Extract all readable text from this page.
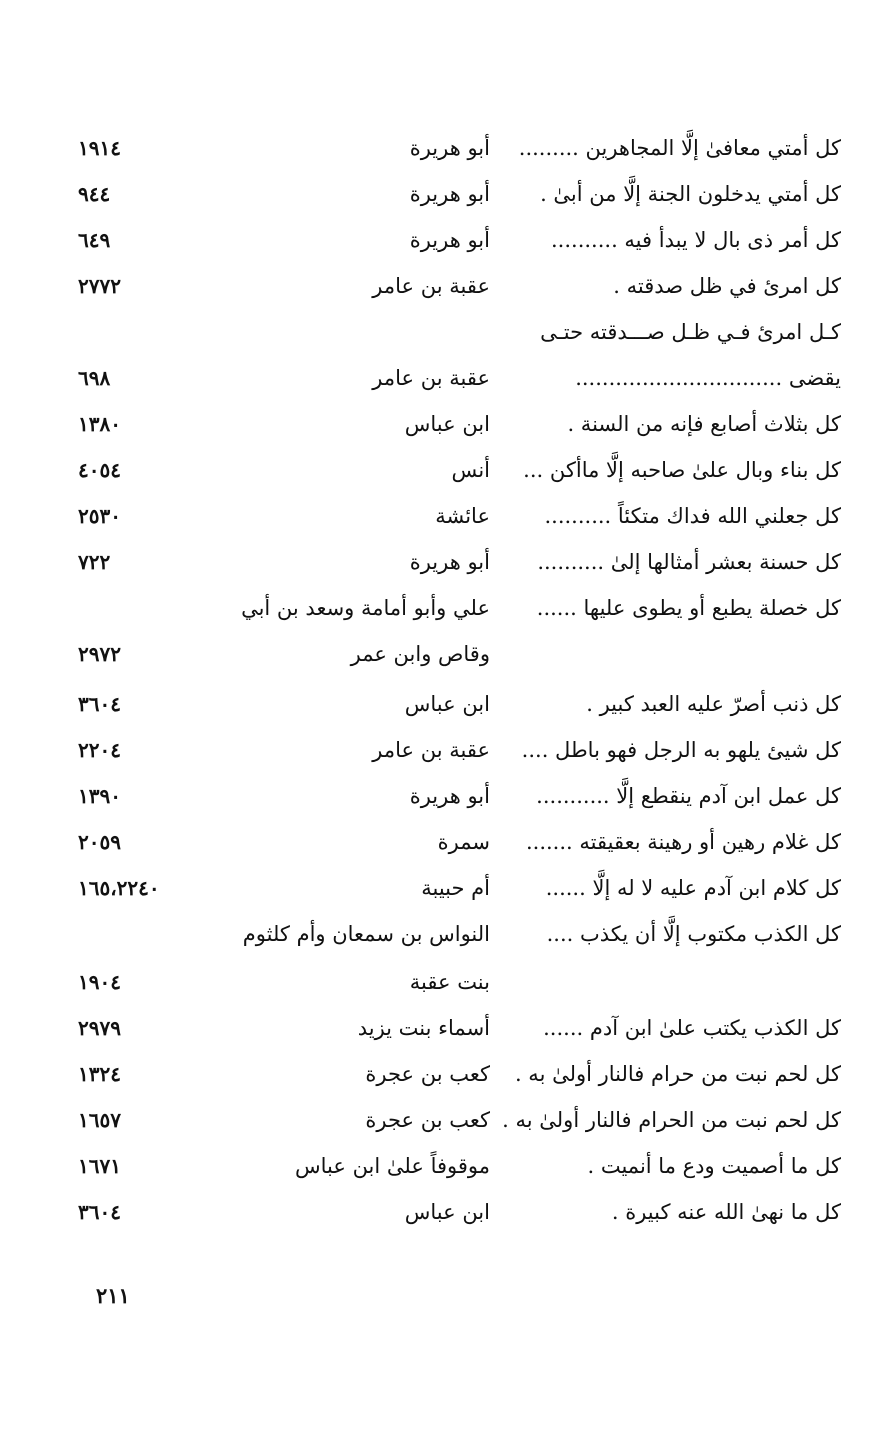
كل أمتي معافىٰ إلَّا المجاهرين .........
أبو هريرة
١٩١٤
كل أمتي يدخلون الجنة إلَّا من أبىٰ .
أبو هريرة
٩٤٤
كل أمر ذى بال لا يبدأ فيه ..........
أبو هريرة
٦٤٩
كل امرئ في ظل صدقته .
عقبة بن عامر
٢٧٧٢
كـل امرئ فـي ظـل صـــدقته حتـى
يقضى ...............................
عقبة بن عامر
٦٩٨
كل بثلاث أصابع فإنه من السنة .
ابن عباس
١٣٨٠
كل بناء وبال علىٰ صاحبه إلَّا ماأكن ...
أنس
٤٠٥٤
كل جعلني الله فداك متكئاً ..........
عائشة
٢٥٣٠
كل حسنة بعشر أمثالها إلىٰ ..........
أبو هريرة
٧٢٢
كل خصلة يطبع أو يطوى عليها ......
علي وأبو أمامة وسعد بن أبي
وقاص وابن عمر
٢٩٧٢
كل ذنب أصرّ عليه العبد كبير .
ابن عباس
٣٦٠٤
كل شيئ يلهو به الرجل فهو باطل ....
عقبة بن عامر
٢٢٠٤
كل عمل ابن آدم ينقطع إلَّا ...........
أبو هريرة
١٣٩٠
كل غلام رهين أو رهينة بعقيقته .......
سمرة
٢٠٥٩
كل كلام ابن آدم عليه لا له إلَّا ......
أم حبيبة
١٦٥،٢٢٤٠
كل الكذب مكتوب إلَّا أن يكذب ....
النواس بن سمعان وأم كلثوم
بنت عقبة
١٩٠٤
كل الكذب يكتب علىٰ ابن آدم ......
أسماء بنت يزيد
٢٩٧٩
كل لحم نبت من حرام فالنار أولىٰ به .
كعب بن عجرة
١٣٢٤
كل لحم نبت من الحرام فالنار أولىٰ به .
كعب بن عجرة
١٦٥٧
كل ما أصميت ودع ما أنميت .
موقوفاً علىٰ ابن عباس
١٦٧١
كل ما نهىٰ الله عنه كبيرة .
ابن عباس
٣٦٠٤
٢١١
